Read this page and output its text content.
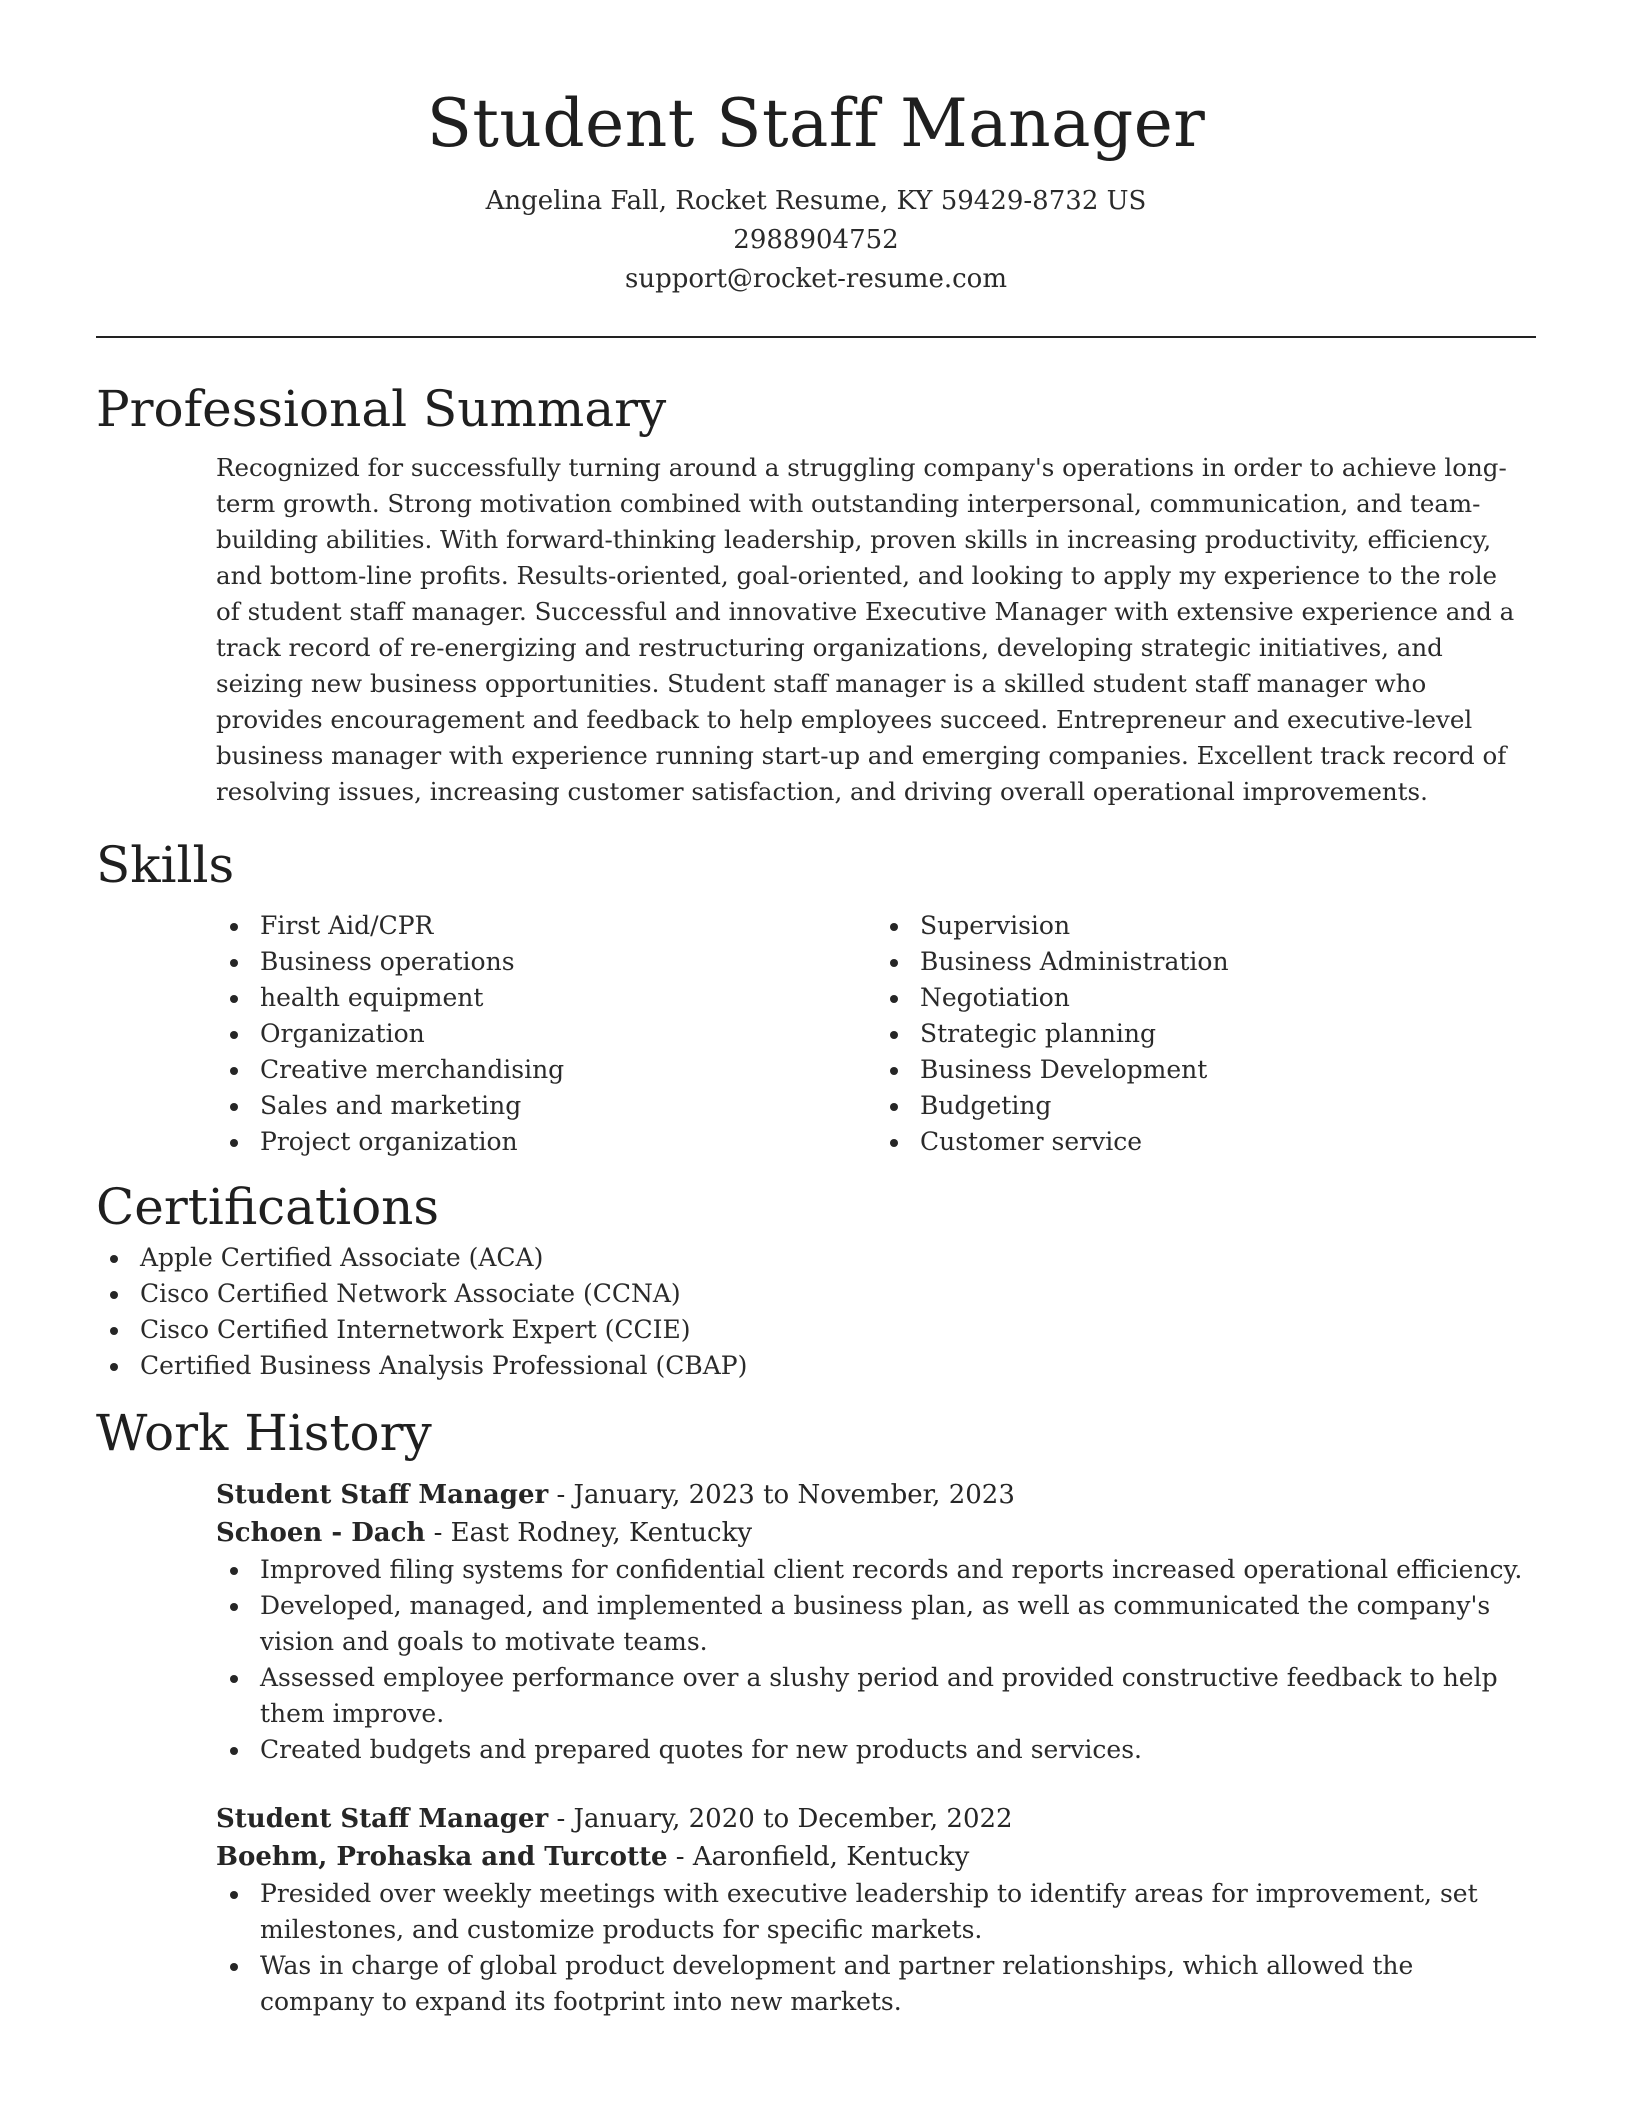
Student Staff Manager
Angelina Fall, Rocket Resume, KY 59429-8732 US
2988904752
support@rocket-resume.com
Professional Summary

Recognized for successfully turning around a struggling company's operations in order to achieve long-term growth. Strong motivation combined with outstanding interpersonal, communication, and team-building abilities. With forward-thinking leadership, proven skills in increasing productivity, efficiency, and bottom-line profits. Results-oriented, goal-oriented, and looking to apply my experience to the role of student staff manager. Successful and innovative Executive Manager with extensive experience and a track record of re-energizing and restructuring organizations, developing strategic initiatives, and seizing new business opportunities. Student staff manager is a skilled student staff manager who provides encouragement and feedback to help employees succeed. Entrepreneur and executive-level business manager with experience running start-up and emerging companies. Excellent track record of resolving issues, increasing customer satisfaction, and driving overall operational improvements.

Skills
First Aid/CPR
Business operations
health equipment
Organization
Creative merchandising
Sales and marketing
Project organization
Supervision
Business Administration
Negotiation
Strategic planning
Business Development
Budgeting
Customer service
Certifications
Apple Certified Associate (ACA)
Cisco Certified Network Associate (CCNA)
Cisco Certified Internetwork Expert (CCIE)
Certified Business Analysis Professional (CBAP)
Work History
Student Staff Manager - January, 2023 to November, 2023
Schoen - Dach - East Rodney, Kentucky
Improved filing systems for confidential client records and reports increased operational efficiency.
Developed, managed, and implemented a business plan, as well as communicated the company's vision and goals to motivate teams.
Assessed employee performance over a slushy period and provided constructive feedback to help them improve.
Created budgets and prepared quotes for new products and services.
Student Staff Manager - January, 2020 to December, 2022
Boehm, Prohaska and Turcotte - Aaronfield, Kentucky
Presided over weekly meetings with executive leadership to identify areas for improvement, set milestones, and customize products for specific markets.
Was in charge of global product development and partner relationships, which allowed the company to expand its footprint into new markets.
